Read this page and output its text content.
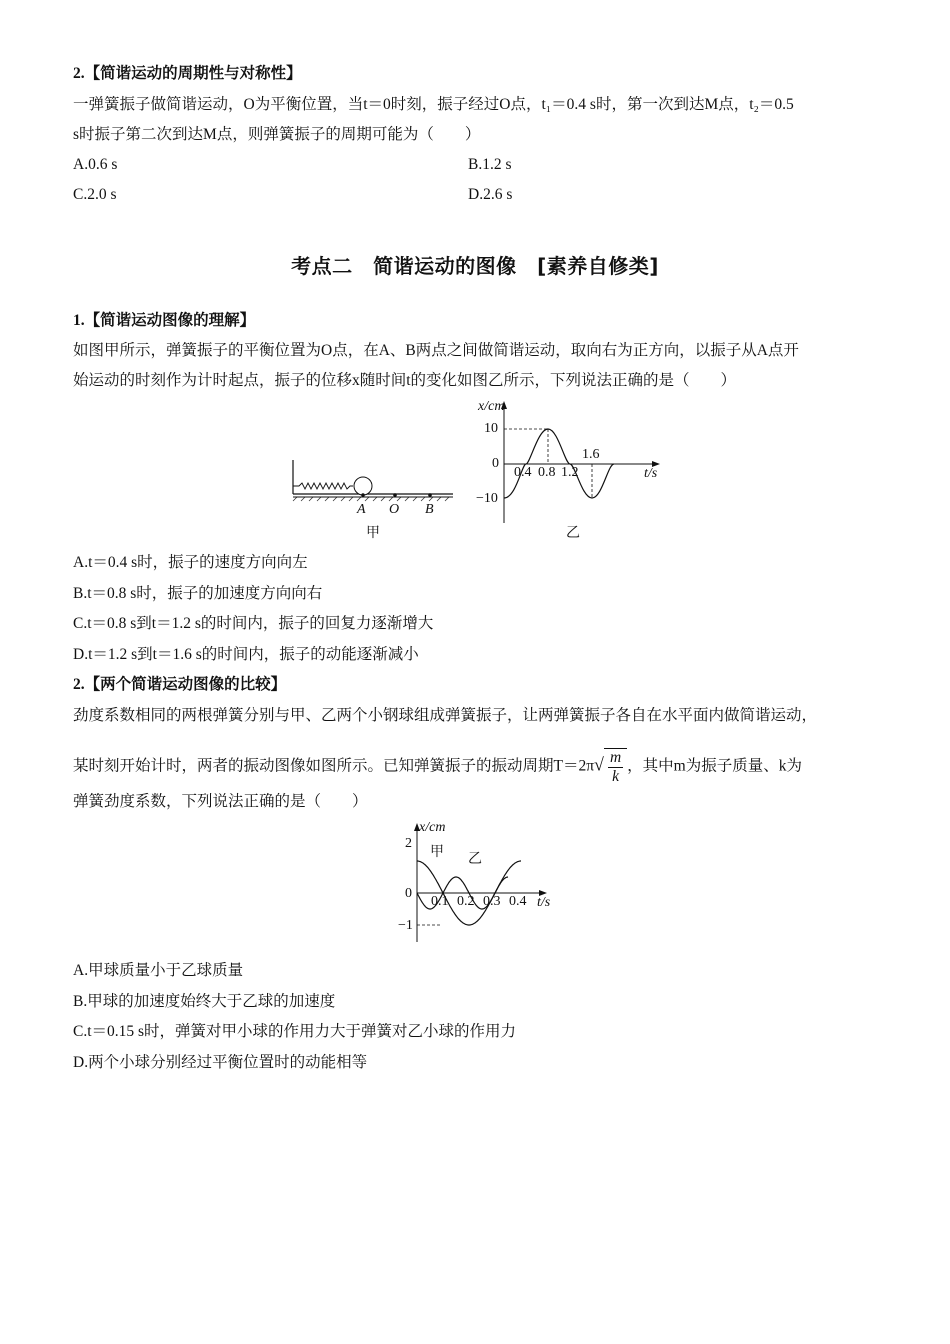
2.【简谐运动的周期性与对称性】
一弹簧振子做简谐运动，O为平衡位置，当t＝0时刻，振子经过O点，t₁＝0.4 s时，第一次到达M点，t₂＝0.5
s时振子第二次到达M点，则弹簧振子的周期可能为（　　）
A.0.6 s	B.1.2 s
C.2.0 s	D.2.6 s
考点二　简谐运动的图像　[素养自修类]
1.【简谐运动图像的理解】
如图甲所示，弹簧振子的平衡位置为O点，在A、B两点之间做简谐运动，取向右为正方向，以振子从A点开
始运动的时刻作为计时起点，振子的位移x随时间t的变化如图乙所示，下列说法正确的是（　　）
A O B
甲
x/cm
10
0
−10
0.4 0.8 1.2
1.6
t/s
乙
A.t＝0.4 s时，振子的速度方向向左
B.t＝0.8 s时，振子的加速度方向向右
C.t＝0.8 s到t＝1.2 s的时间内，振子的回复力逐渐增大
D.t＝1.2 s到t＝1.6 s的时间内，振子的动能逐渐减小
2.【两个简谐运动图像的比较】
劲度系数相同的两根弹簧分别与甲、乙两个小钢球组成弹簧振子，让两弹簧振子各自在水平面内做简谐运动，
某时刻开始计时，两者的振动图像如图所示。已知弹簧振子的振动周期$T=2\pi√ \frac{m}{k}$ ，其中m为振子质量、k为
弹簧劲度系数，下列说法正确的是（　　）
x/cm
2
0
−1
甲 乙
0.1 0.2 0.3 0.4 t/s
A.甲球质量小于乙球质量
B.甲球的加速度始终大于乙球的加速度
C.t＝0.15 s时，弹簧对甲小球的作用力大于弹簧对乙小球的作用力
D.两个小球分别经过平衡位置时的动能相等
